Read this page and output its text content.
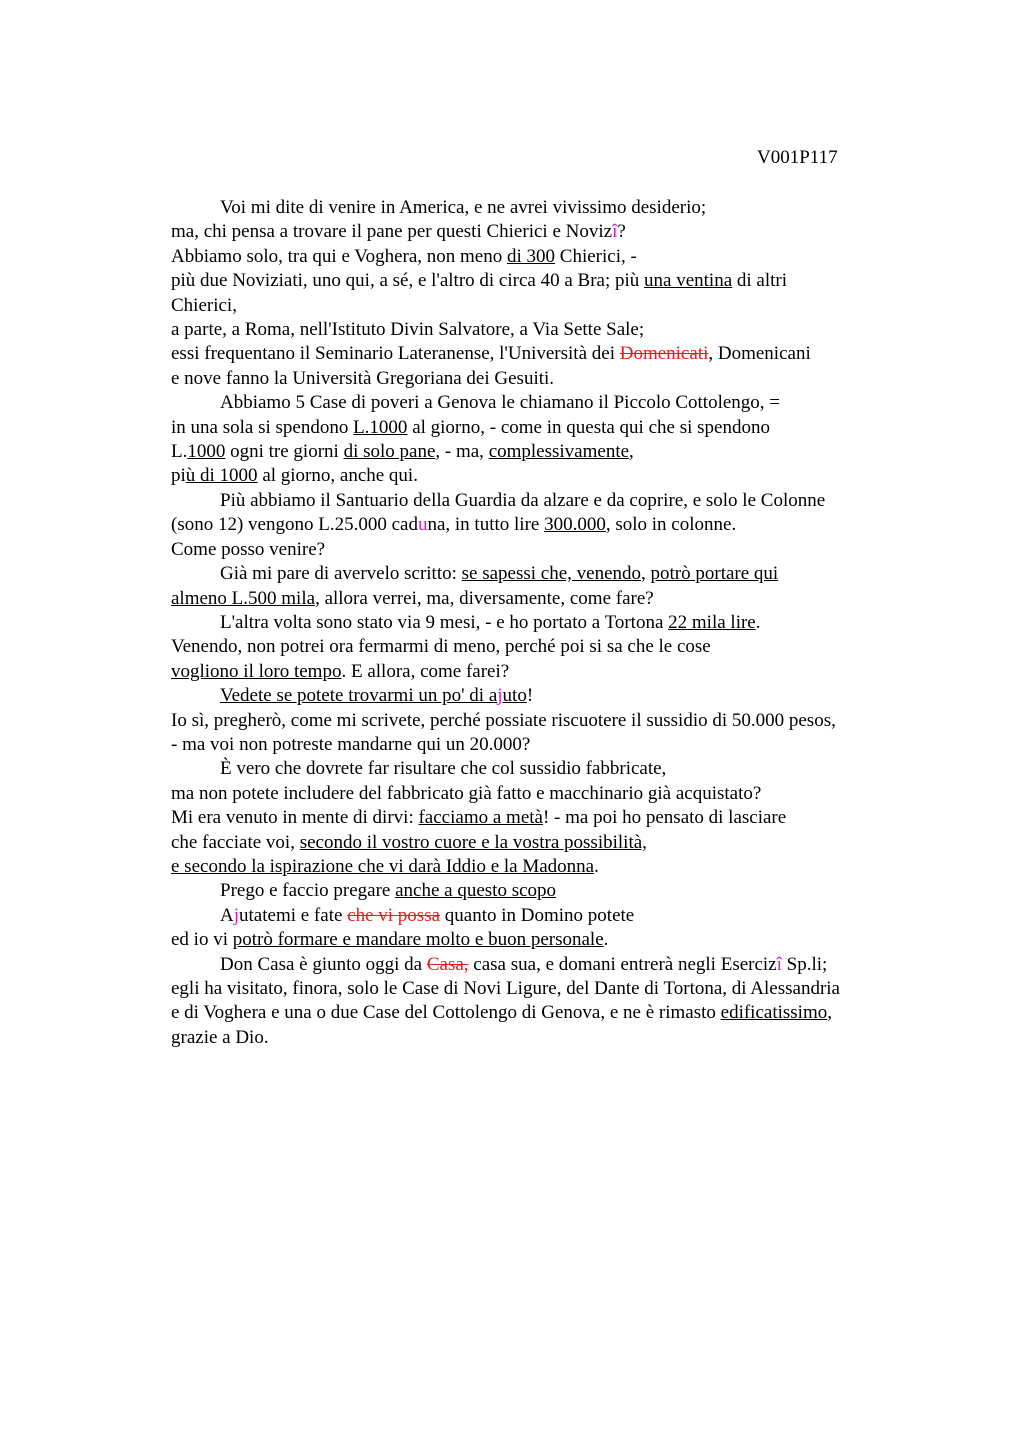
V001P117
Voi mi dite di venire in America, e ne avrei vivissimo desiderio;
ma, chi pensa a trovare il pane per questi Chierici e Novizî?
Abbiamo solo, tra qui e Voghera, non meno di 300 Chierici, -
più due Noviziati, uno qui, a sé, e l'altro di circa 40 a Bra; più una ventina di altri
Chierici,
a parte, a Roma, nell'Istituto Divin Salvatore, a Via Sette Sale;
essi frequentano il Seminario Lateranense, l'Università dei Domenicati, Domenicani
e nove fanno la Università Gregoriana dei Gesuiti.
Abbiamo 5 Case di poveri a Genova le chiamano il Piccolo Cottolengo, =
in una sola si spendono L.1000 al giorno, - come in questa qui che si spendono
L.1000 ogni tre giorni di solo pane, - ma, complessivamente,
più di 1000 al giorno, anche qui.
Più abbiamo il Santuario della Guardia da alzare e da coprire, e solo le Colonne
(sono 12) vengono L.25.000 caduna, in tutto lire 300.000, solo in colonne.
Come posso venire?
Già mi pare di avervelo scritto: se sapessi che, venendo, potrò portare qui
almeno L.500 mila, allora verrei, ma, diversamente, come fare?
L'altra volta sono stato via 9 mesi, - e ho portato a Tortona 22 mila lire.
Venendo, non potrei ora fermarmi di meno, perché poi si sa che le cose
vogliono il loro tempo. E allora, come farei?
Vedete se potete trovarmi un po' di ajuto!
Io sì, pregherò, come mi scrivete, perché possiate riscuotere il sussidio di 50.000 pesos,
- ma voi non potreste mandarne qui un 20.000?
È vero che dovrete far risultare che col sussidio fabbricate,
ma non potete includere del fabbricato già fatto e macchinario già acquistato?
Mi era venuto in mente di dirvi: facciamo a metà! - ma poi ho pensato di lasciare
che facciate voi, secondo il vostro cuore e la vostra possibilità,
e secondo la ispirazione che vi darà Iddio e la Madonna.
Prego e faccio pregare anche a questo scopo
Ajutatemi e fate che vi possa quanto in Domino potete
ed io vi potrò formare e mandare molto e buon personale.
Don Casa è giunto oggi da Casa, casa sua, e domani entrerà negli Esercizî Sp.li;
egli ha visitato, finora, solo le Case di Novi Ligure, del Dante di Tortona, di Alessandria
e di Voghera e una o due Case del Cottolengo di Genova, e ne è rimasto edificatissimo,
grazie a Dio.
